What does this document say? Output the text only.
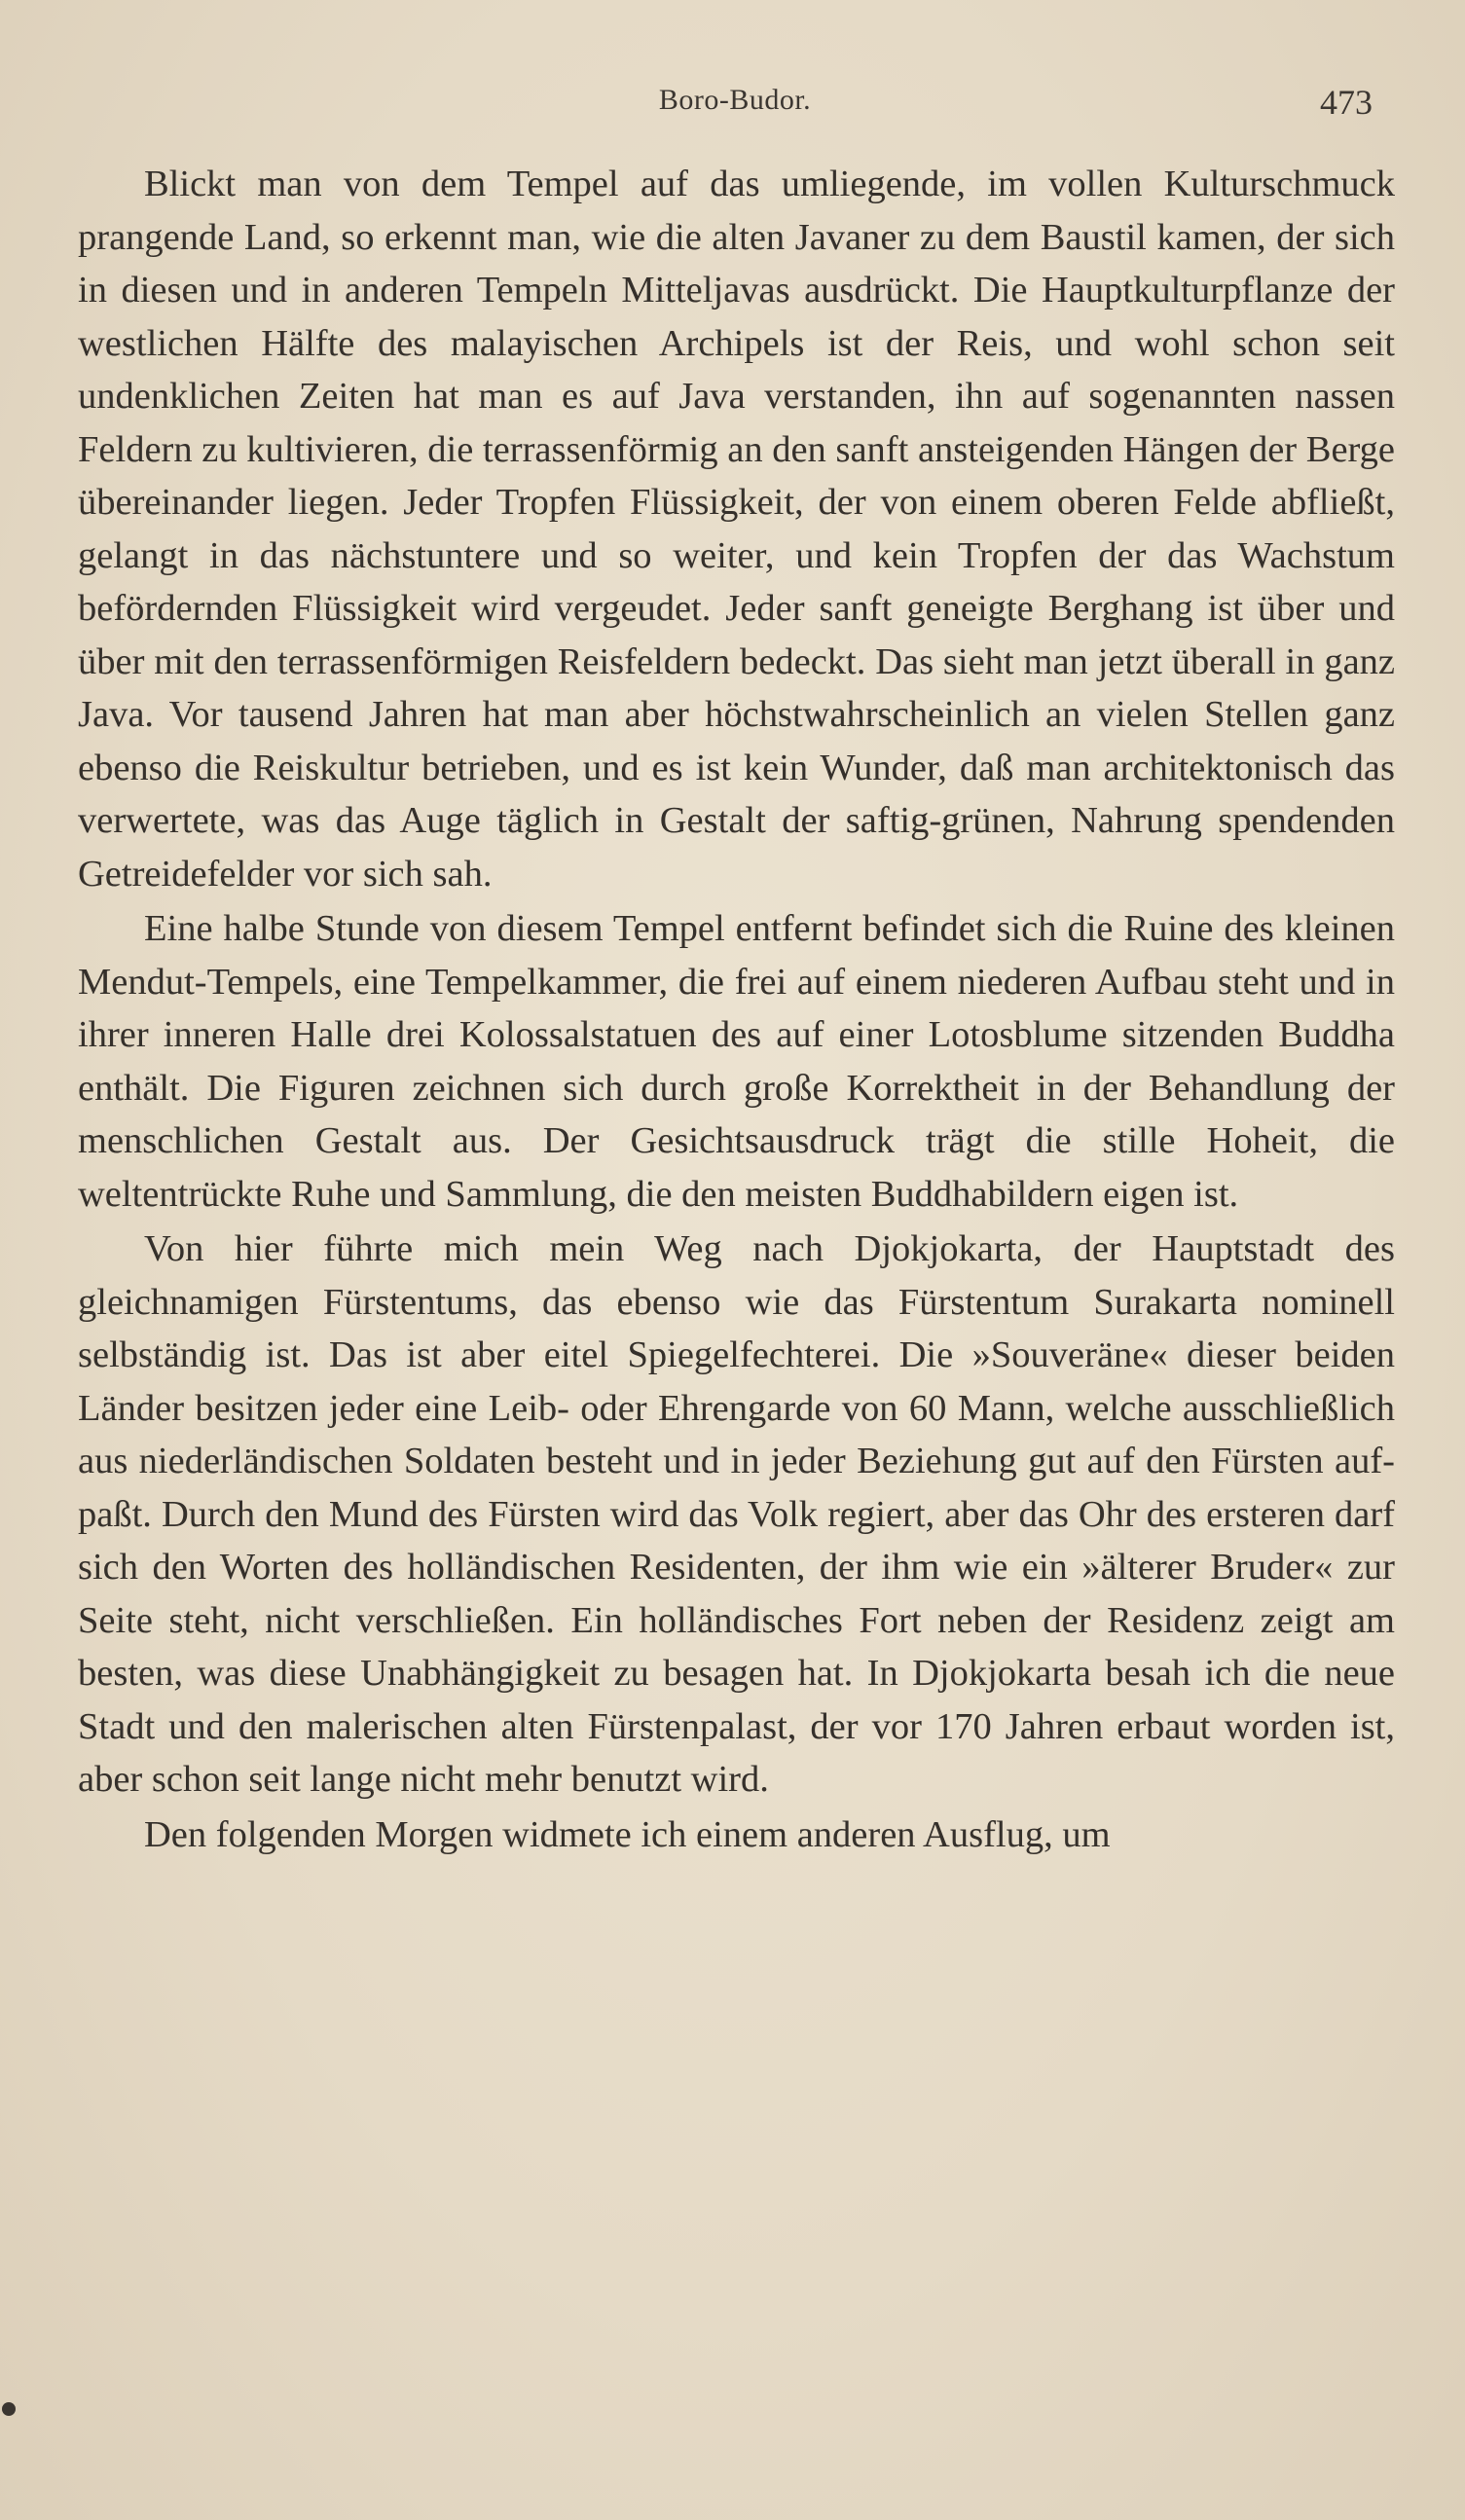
Boro-Budor.	473

Blickt man von dem Tempel auf das umliegende, im vollen Kulturschmuck prangende Land, so erkennt man, wie die alten Javaner zu dem Baustil kamen, der sich in diesen und in anderen Tempeln Mitteljavas ausdrückt. Die Hauptkulturpflanze der westlichen Hälfte des malayischen Archipels ist der Reis, und wohl schon seit undenklichen Zeiten hat man es auf Java verstanden, ihn auf sogenannten nassen Feldern zu kultivieren, die terrassenförmig an den sanft ansteigenden Hängen der Berge übereinander liegen. Jeder Tropfen Flüssigkeit, der von einem oberen Felde abfließt, gelangt in das nächstuntere und so weiter, und kein Tropfen der das Wachstum befördernden Flüssigkeit wird vergeudet. Jeder sanft geneigte Berghang ist über und über mit den terrassenförmigen Reisfeldern bedeckt. Das sieht man jetzt überall in ganz Java. Vor tausend Jahren hat man aber höchstwahrscheinlich an vielen Stellen ganz ebenso die Reiskultur betrieben, und es ist kein Wunder, daß man architektonisch das verwertete, was das Auge täglich in Gestalt der saftig-grünen, Nahrung spendenden Getreidefelder vor sich sah.

Eine halbe Stunde von diesem Tempel entfernt befindet sich die Ruine des kleinen Mendut-Tempels, eine Tempelkammer, die frei auf einem niederen Aufbau steht und in ihrer inneren Halle drei Kolossalstatuen des auf einer Lotosblume sitzenden Buddha enthält. Die Figuren zeichnen sich durch große Korrektheit in der Behandlung der menschlichen Gestalt aus. Der Gesichtsausdruck trägt die stille Hoheit, die weltentrückte Ruhe und Sammlung, die den meisten Buddhabildern eigen ist.

Von hier führte mich mein Weg nach Djokjokarta, der Hauptstadt des gleichnamigen Fürstentums, das ebenso wie das Fürstentum Surakarta nominell selbständig ist. Das ist aber eitel Spiegelfechterei. Die »Souveräne« dieser beiden Länder besitzen jeder eine Leib- oder Ehrengarde von 60 Mann, welche ausschließlich aus niederländischen Soldaten besteht und in jeder Beziehung gut auf den Fürsten aufpaßt. Durch den Mund des Fürsten wird das Volk regiert, aber das Ohr des ersteren darf sich den Worten des holländischen Residenten, der ihm wie ein »älterer Bruder« zur Seite steht, nicht verschließen. Ein holländisches Fort neben der Residenz zeigt am besten, was diese Unabhängigkeit zu besagen hat. In Djokjokarta besah ich die neue Stadt und den malerischen alten Fürstenpalast, der vor 170 Jahren erbaut worden ist, aber schon seit lange nicht mehr benutzt wird.

Den folgenden Morgen widmete ich einem anderen Ausflug, um
